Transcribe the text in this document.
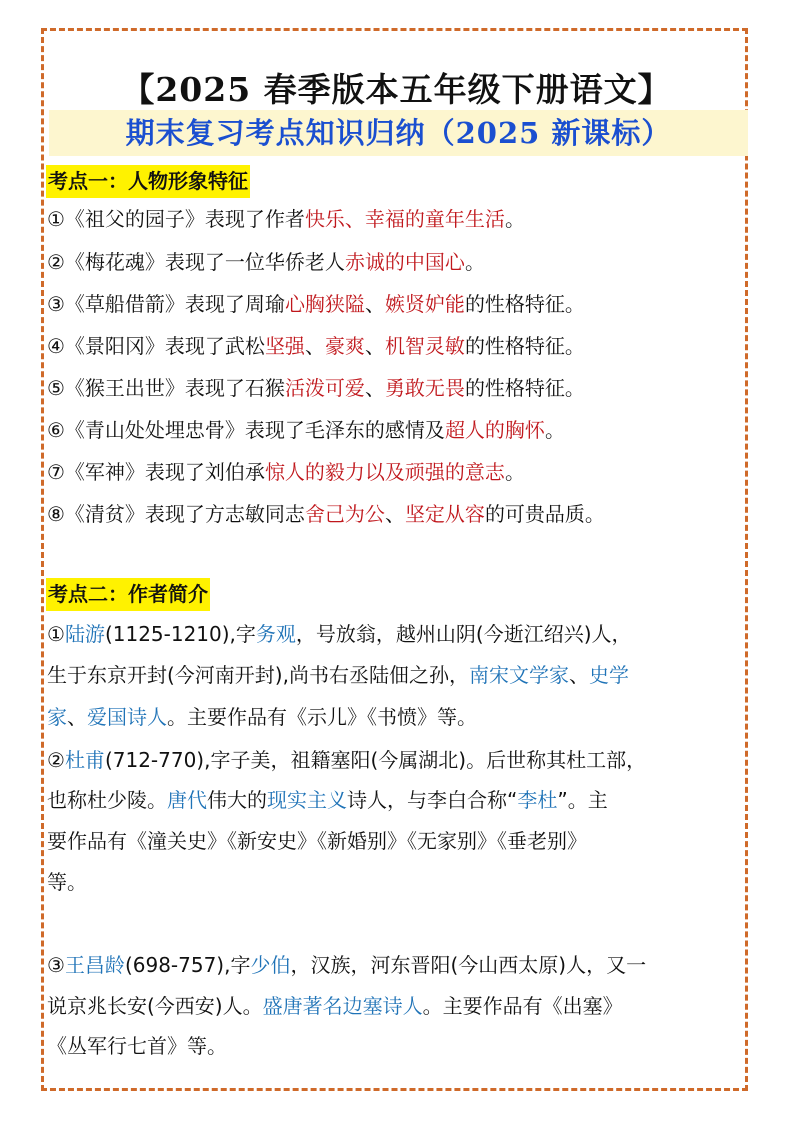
【2025 春季版本五年级下册语文】
期末复习考点知识归纳（2025 新课标）
考点一：人物形象特征
①《祖父的园子》表现了作者快乐、幸福的童年生活。
②《梅花魂》表现了一位华侨老人赤诚的中国心。
③《草船借箭》表现了周瑜心胸狭隘、嫉贤妒能的性格特征。
④《景阳冈》表现了武松坚强、豪爽、机智灵敏的性格特征。
⑤《猴王出世》表现了石猴活泼可爱、勇敢无畏的性格特征。
⑥《青山处处埋忠骨》表现了毛泽东的感情及超人的胸怀。
⑦《军神》表现了刘伯承惊人的毅力以及顽强的意志。
⑧《清贫》表现了方志敏同志舍己为公、坚定从容的可贵品质。
考点二：作者简介
①陆游(1125-1210),字务观，号放翁，越州山阴(今逝江绍兴)人，
生于东京开封(今河南开封),尚书右丞陆佃之孙，南宋文学家、史学
家、爱国诗人。主要作品有《示儿》《书愤》等。
②杜甫(712-770),字子美，祖籍塞阳(今属湖北)。后世称其杜工部，
也称杜少陵。唐代伟大的现实主义诗人，与李白合称“李杜”。主
要作品有《潼关史》《新安史》《新婚别》《无家别》《垂老别》
等。
③王昌龄(698-757),字少伯，汉族，河东晋阳(今山西太原)人，又一
说京兆长安(今西安)人。盛唐著名边塞诗人。主要作品有《出塞》
《丛军行七首》等。
